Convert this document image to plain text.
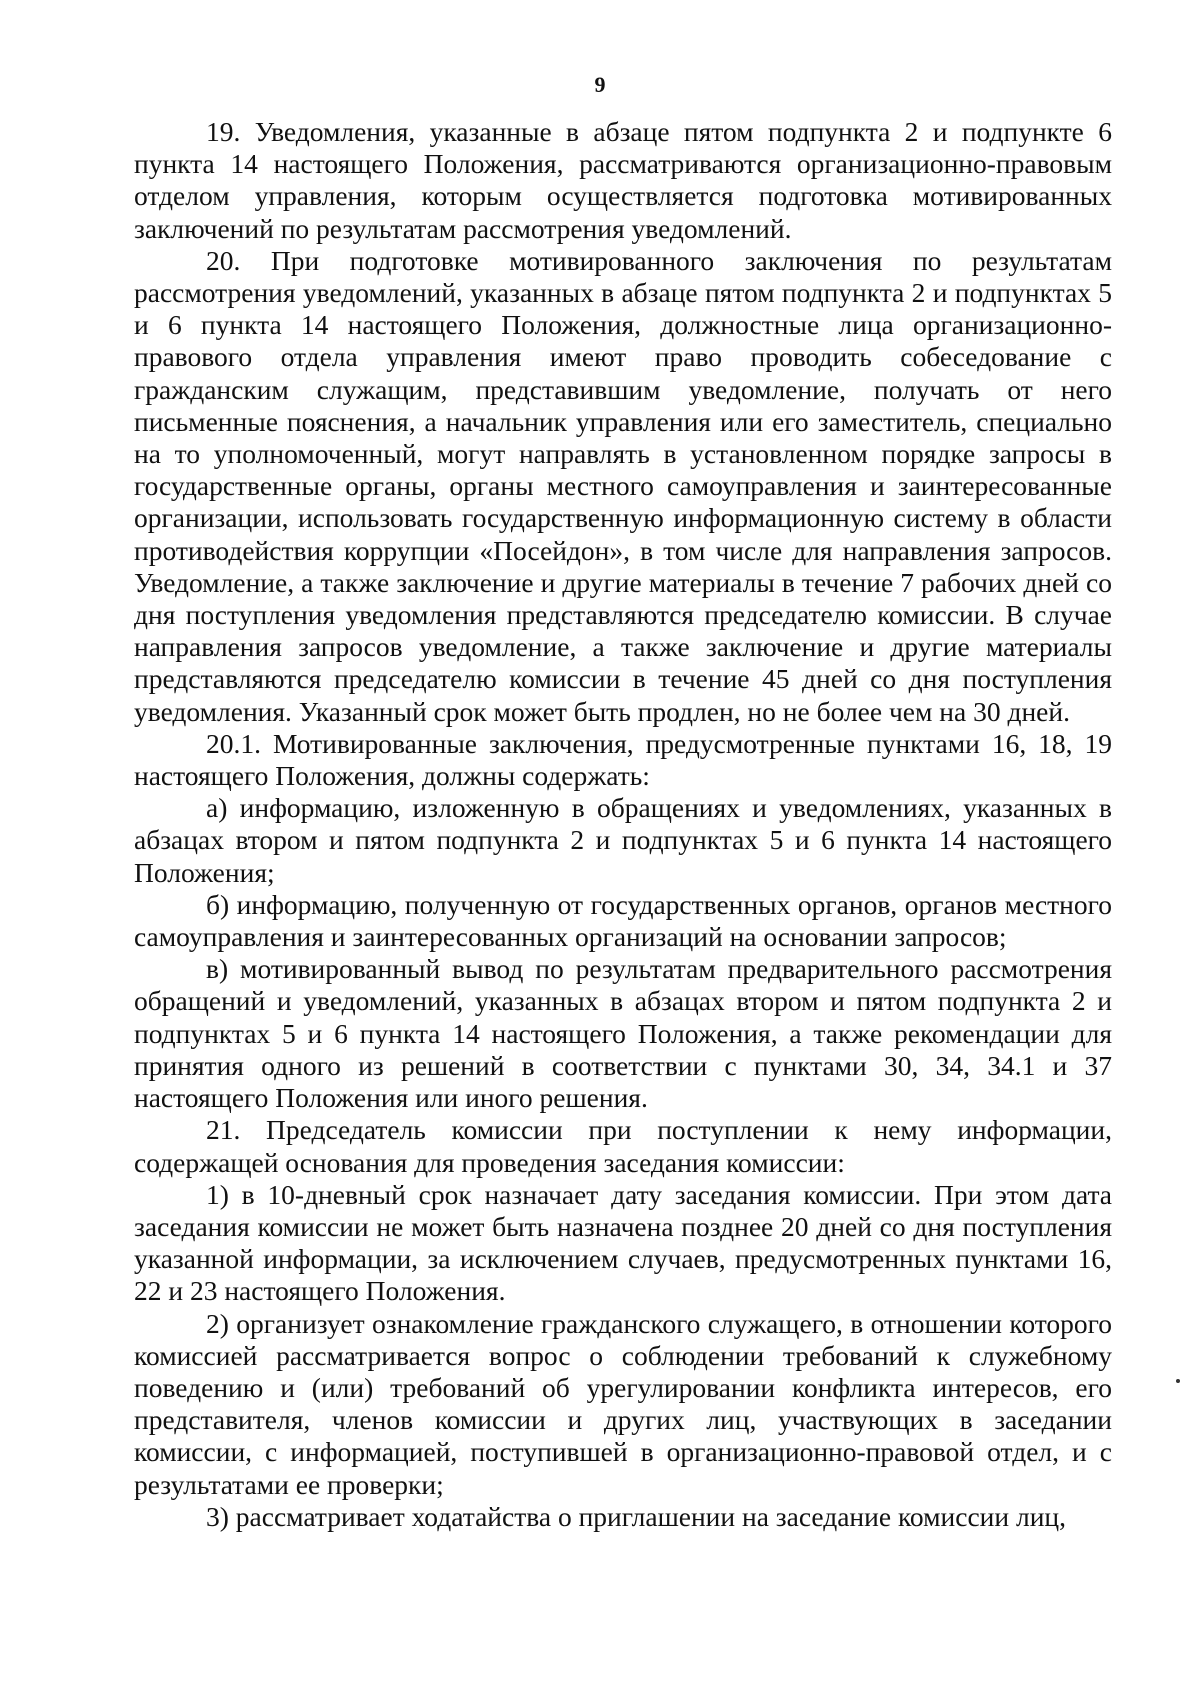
9

19. Уведомления, указанные в абзаце пятом подпункта 2 и подпункте 6 пункта 14 настоящего Положения, рассматриваются организационно-правовым отделом управления, которым осуществляется подготовка мотивированных заключений по результатам рассмотрения уведомлений.

20. При подготовке мотивированного заключения по результатам рассмотрения уведомлений, указанных в абзаце пятом подпункта 2 и подпунктах 5 и 6 пункта 14 настоящего Положения, должностные лица организационно-правового отдела управления имеют право проводить собеседование с гражданским служащим, представившим уведомление, получать от него письменные пояснения, а начальник управления или его заместитель, специально на то уполномоченный, могут направлять в установленном порядке запросы в государственные органы, органы местного самоуправления и заинтересованные организации, использовать государственную информационную систему в области противодействия коррупции «Посейдон», в том числе для направления запросов. Уведомление, а также заключение и другие материалы в течение 7 рабочих дней со дня поступления уведомления представляются председателю комиссии. В случае направления запросов уведомление, а также заключение и другие материалы представляются председателю комиссии в течение 45 дней со дня поступления уведомления. Указанный срок может быть продлен, но не более чем на 30 дней.

20.1. Мотивированные заключения, предусмотренные пунктами 16, 18, 19 настоящего Положения, должны содержать:

а) информацию, изложенную в обращениях и уведомлениях, указанных в абзацах втором и пятом подпункта 2 и подпунктах 5 и 6 пункта 14 настоящего Положения;

б) информацию, полученную от государственных органов, органов местного самоуправления и заинтересованных организаций на основании запросов;

в) мотивированный вывод по результатам предварительного рассмотрения обращений и уведомлений, указанных в абзацах втором и пятом подпункта 2 и подпунктах 5 и 6 пункта 14 настоящего Положения, а также рекомендации для принятия одного из решений в соответствии с пунктами 30, 34, 34.1 и 37 настоящего Положения или иного решения.

21. Председатель комиссии при поступлении к нему информации, содержащей основания для проведения заседания комиссии:

1) в 10-дневный срок назначает дату заседания комиссии. При этом дата заседания комиссии не может быть назначена позднее 20 дней со дня поступления указанной информации, за исключением случаев, предусмотренных пунктами 16, 22 и 23 настоящего Положения.

2) организует ознакомление гражданского служащего, в отношении которого комиссией рассматривается вопрос о соблюдении требований к служебному поведению и (или) требований об урегулировании конфликта интересов, его представителя, членов комиссии и других лиц, участвующих в заседании комиссии, с информацией, поступившей в организационно-правовой отдел, и с результатами ее проверки;

3) рассматривает ходатайства о приглашении на заседание комиссии лиц,
